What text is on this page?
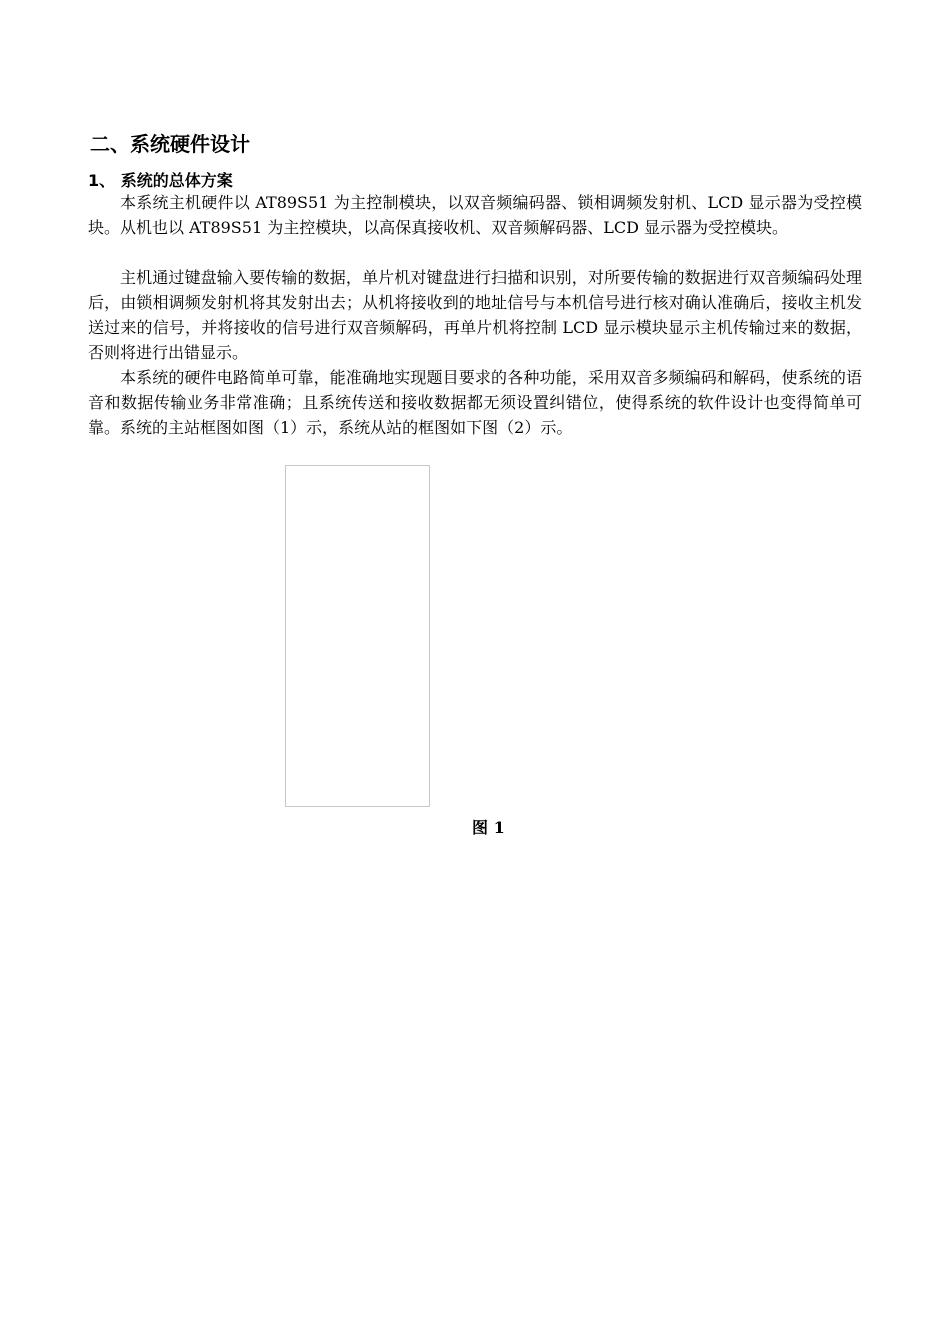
二、系统硬件设计
1、 系统的总体方案

本系统主机硬件以 AT89S51 为主控制模块，以双音频编码器、锁相调频发射机、LCD 显示器为受控模块。从机也以 AT89S51 为主控模块，以高保真接收机、双音频解码器、LCD 显示器为受控模块。

主机通过键盘输入要传输的数据，单片机对键盘进行扫描和识别，对所要传输的数据进行双音频编码处理后，由锁相调频发射机将其发射出去；从机将接收到的地址信号与本机信号进行核对确认准确后，接收主机发送过来的信号，并将接收的信号进行双音频解码，再单片机将控制 LCD 显示模块显示主机传输过来的数据，否则将进行出错显示。

本系统的硬件电路简单可靠，能准确地实现题目要求的各种功能，采用双音多频编码和解码，使系统的语音和数据传输业务非常准确；且系统传送和接收数据都无须设置纠错位，使得系统的软件设计也变得简单可靠。系统的主站框图如图（1）示，系统从站的框图如下图（2）示。

图 1
